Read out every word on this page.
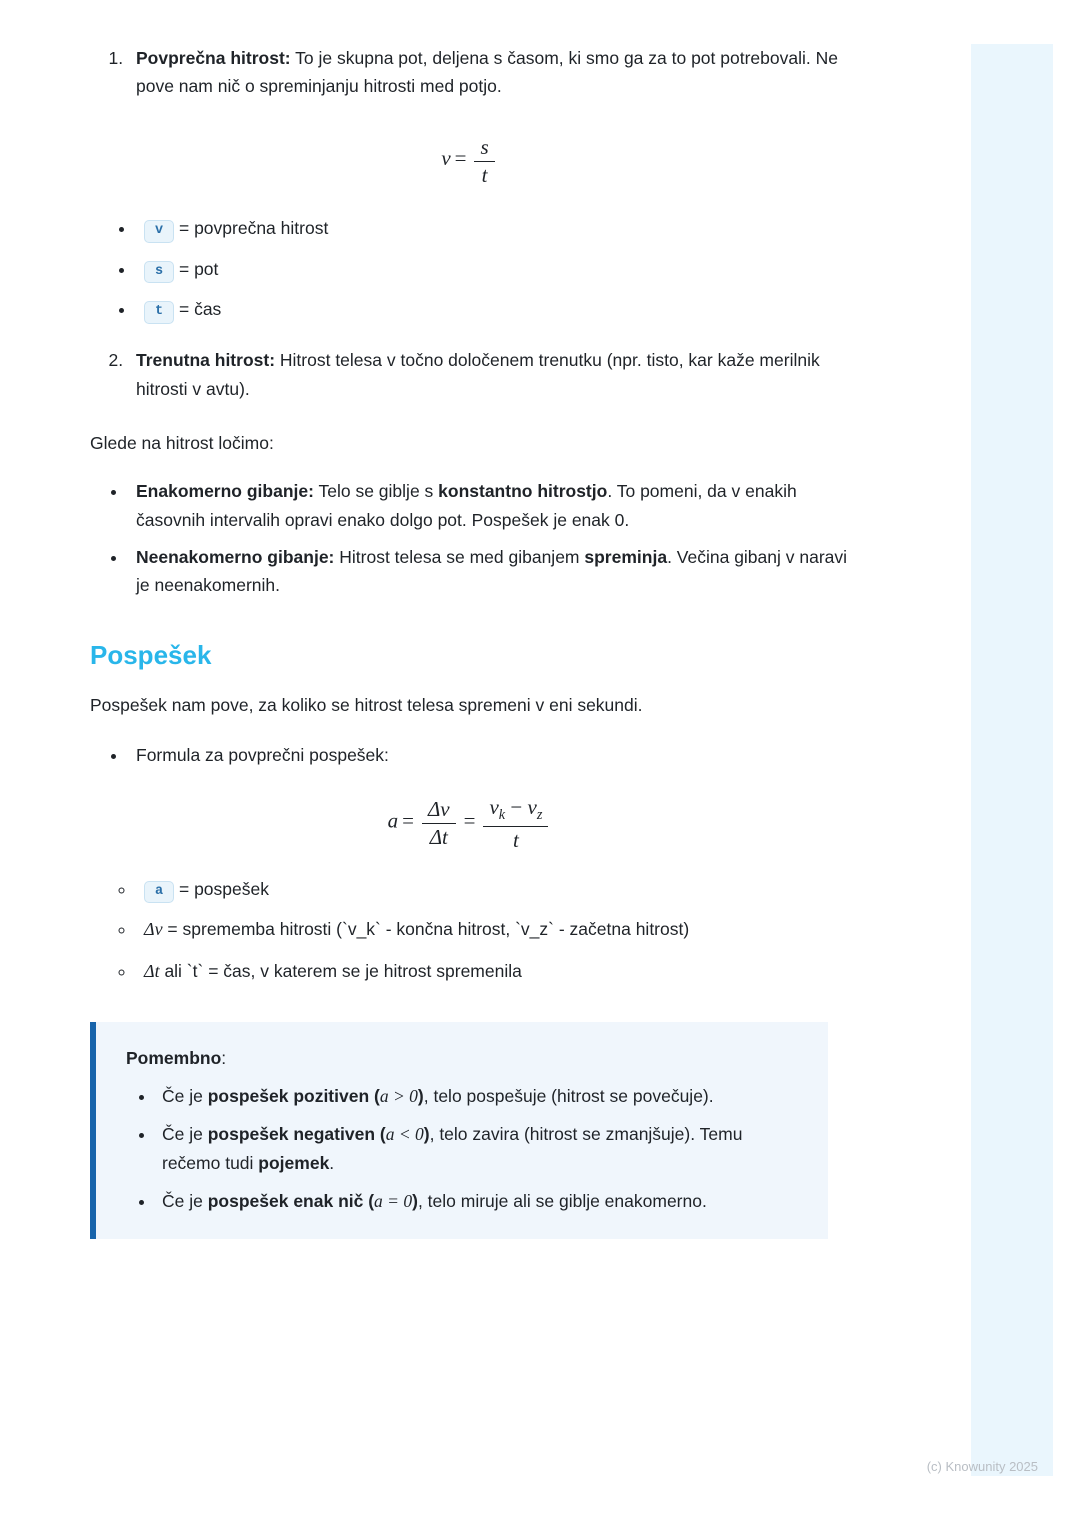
1. Povprečna hitrost: To je skupna pot, deljena s časom, ki smo ga za to pot potrebovali. Ne pove nam nič o spreminjanju hitrosti med potjo.
$v = \frac{s}{t}$
• v = povprečna hitrost
• s = pot
• t = čas
2. Trenutna hitrost: Hitrost telesa v točno določenem trenutku (npr. tisto, kar kaže merilnik hitrosti v avtu).

Glede na hitrost ločimo:

• Enakomerno gibanje: Telo se giblje s konstantno hitrostjo. To pomeni, da v enakih časovnih intervalih opravi enako dolgo pot. Pospešek je enak 0.
• Neenakomerno gibanje: Hitrost telesa se med gibanjem spreminja. Večina gibanj v naravi je neenakomernih.
Pospešek

Pospešek nam pove, za koliko se hitrost telesa spremeni v eni sekundi.

• Formula za povprečni pospešek:
$a = \frac{\Delta v}{\Delta t} = \frac{v_k - v_z}{t}$
◦ a = pospešek
◦ Δv = sprememba hitrosti (`v_k` - končna hitrost, `v_z` - začetna hitrost)
◦ Δt ali `t` = čas, v katerem se je hitrost spremenila

Pomembno:

• Če je pospešek pozitiven (a > 0), telo pospešuje (hitrost se povečuje).
• Če je pospešek negativen (a < 0), telo zavira (hitrost se zmanjšuje). Temu rečemo tudi pojemek.
• Če je pospešek enak nič (a = 0), telo miruje ali se giblje enakomerno.
(c) Knowunity 2025
